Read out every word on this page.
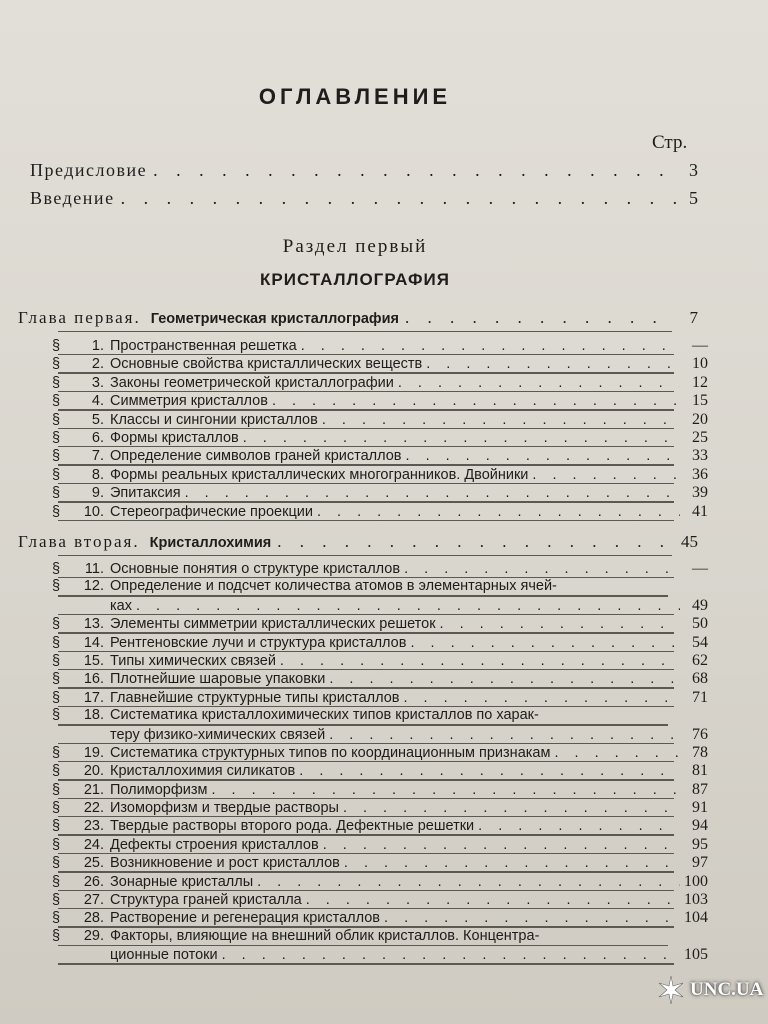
ОГЛАВЛЕНИЕ
Стр.
Предисловие . . .	3
Введение . . .	5
Раздел первый
КРИСТАЛЛОГРАФИЯ
Глава первая. Геометрическая кристаллография . . .	7
§	1. Пространственная решетка . . .	—
§	2. Основные свойства кристаллических веществ . . .	10
§	3. Законы геометрической кристаллографии . . .	12
§	4. Симметрия кристаллов . . .	15
§	5. Классы и сингонии кристаллов . . .	20
§	6. Формы кристаллов . . .	25
§	7. Определение символов граней кристаллов . . .	33
§	8. Формы реальных кристаллических многогранников. Двойники . . .	36
§	9. Эпитаксия . . .	39
§	10. Стереографические проекции . . .	41
Глава вторая. Кристаллохимия . . .	45
§	11. Основные понятия о структуре кристаллов . . .	—
§	12. Определение и подсчет количества атомов в элементарных ячей-
ках . . .	49
§	13. Элементы симметрии кристаллических решеток . . .	50
§	14. Рентгеновские лучи и структура кристаллов . . .	54
§	15. Типы химических связей . . .	62
§	16. Плотнейшие шаровые упаковки . . .	68
§	17. Главнейшие структурные типы кристаллов . . .	71
§	18. Систематика кристаллохимических типов кристаллов по харак-
теру физико-химических связей . . .	76
§	19. Систематика структурных типов по координационным признакам . . .	78
§	20. Кристаллохимия силикатов . . .	81
§	21. Полиморфизм . . .	87
§	22. Изоморфизм и твердые растворы . . .	91
§	23. Твердые растворы второго рода. Дефектные решетки . . .	94
§	24. Дефекты строения кристаллов . . .	95
§	25. Возникновение и рост кристаллов . . .	97
§	26. Зонарные кристаллы . . .	100
§	27. Структура граней кристалла . . .	103
§	28. Растворение и регенерация кристаллов . . .	104
§	29. Факторы, влияющие на внешний облик кристаллов. Концентра-
ционные потоки . . .	105
UNC.UA
